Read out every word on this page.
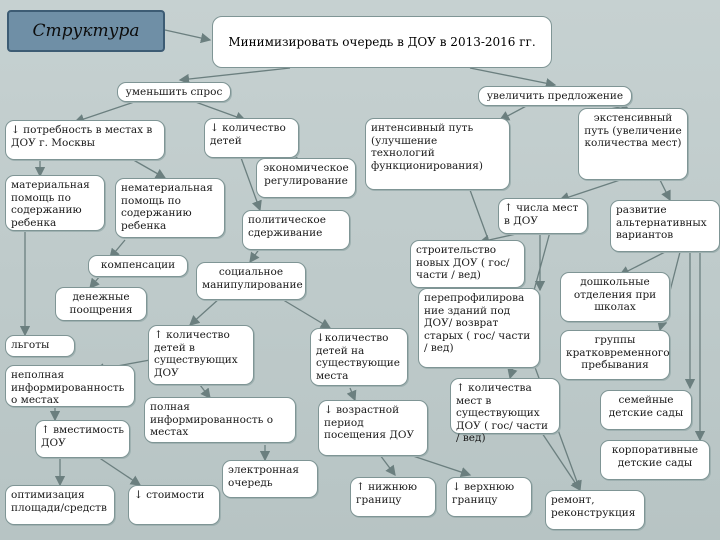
Структура
Минимизировать очередь в ДОУ в 2013-2016 гг.
уменьшить спрос	увеличить предложение
↓ потребность в местах в ДОУ г. Москвы
↓ количество детей
материальная помощь по содержанию ребенка
нематериальная помощь по содержанию ребенка
экономическое регулирование
политическое сдерживание
компенсации
денежные поощрения
социальное манипулирование
льготы
неполная информированность о местах
↑ вместимость ДОУ
оптимизация площади/средств
↓ стоимости
↑ количество детей в существующих ДОУ
↓количество детей на существующие места
полная информированность о местах
↓ возрастной период посещения ДОУ
электронная очередь	↑ нижнюю границу
↓ верхнюю границу
интенсивный путь (улучшение технологий функционирования)
экстенсивный путь (увеличение количества мест)
↑ числа мест в ДОУ
развитие альтернативных вариантов
строительство новых ДОУ ( гос/ части / вед)
перепрофилирова ние зданий под ДОУ/ возврат старых ( гос/ части / вед)
↑ количества мест в существующих ДОУ ( гос/ части / вед)
дошкольные отделения при школах
группы кратковременного пребывания
семейные детские сады
корпоративные детские сады
ремонт, реконструкция
